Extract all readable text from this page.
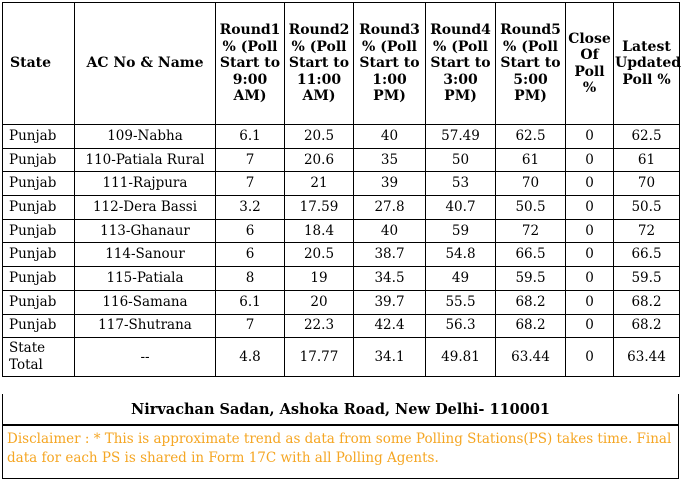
State	AC No & Name	Round1 % (Poll Start to 9:00 AM)	Round2 % (Poll Start to 11:00 AM)	Round3 % (Poll Start to 1:00 PM)	Round4 % (Poll Start to 3:00 PM)	Round5 % (Poll Start to 5:00 PM)	Close Of Poll %	Latest Updated Poll %
Punjab	109-Nabha	6.1	20.5	40	57.49	62.5	0	62.5
Punjab	110-Patiala Rural	7	20.6	35	50	61	0	61
Punjab	111-Rajpura	7	21	39	53	70	0	70
Punjab	112-Dera Bassi	3.2	17.59	27.8	40.7	50.5	0	50.5
Punjab	113-Ghanaur	6	18.4	40	59	72	0	72
Punjab	114-Sanour	6	20.5	38.7	54.8	66.5	0	66.5
Punjab	115-Patiala	8	19	34.5	49	59.5	0	59.5
Punjab	116-Samana	6.1	20	39.7	55.5	68.2	0	68.2
Punjab	117-Shutrana	7	22.3	42.4	56.3	68.2	0	68.2
State Total	--	4.8	17.77	34.1	49.81	63.44	0	63.44
Nirvachan Sadan, Ashoka Road, New Delhi- 110001
Disclaimer : * This is approximate trend as data from some Polling Stations(PS) takes time. Final data for each PS is shared in Form 17C with all Polling Agents.
